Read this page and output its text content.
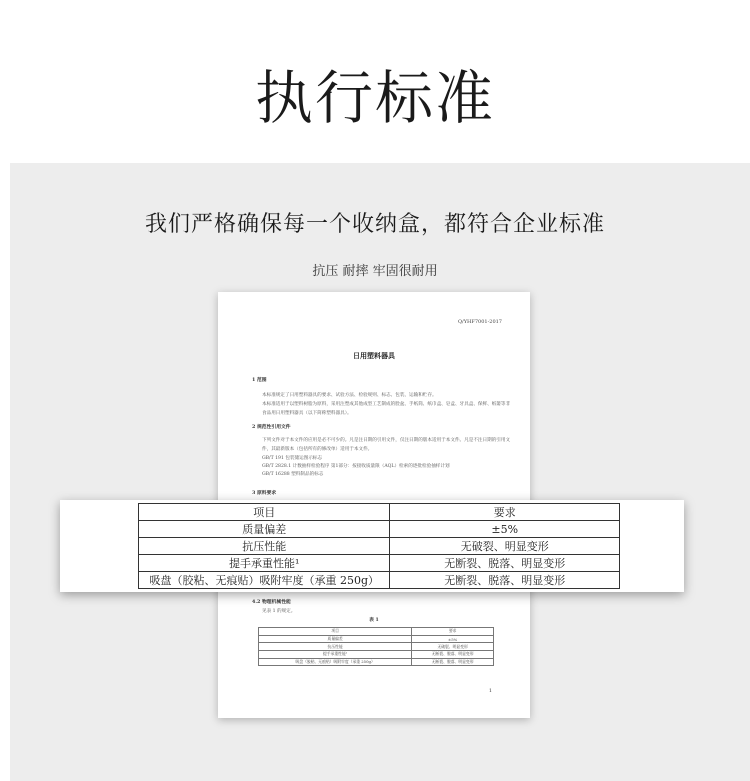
执行标准
我们严格确保每一个收纳盒，都符合企业标准
抗压 耐摔 牢固很耐用
Q/YHF7001-2017
日用塑料器具
1 范围
本标准规定了日用塑料器具的要求、试验方法、检验规则、标志、包装、运输和贮存。
本标准适用于以塑料树脂为原料，采用注塑成其他成型工艺制成的脸盆、手纸筒、纸巾盒、皂盒、牙具盒、保鲜、纸篓等非食品用日用塑料器具（以下简称塑料器具）。
2 规范性引用文件
下列文件对于本文件的应用是必不可少的。凡是注日期的引用文件，仅注日期的版本适用于本文件。凡是不注日期的引用文件，其最新版本（包括所有的修改单）适用于本文件。
GB/T 191 包装储运图示标志
GB/T 2828.1 计数抽样检验程序 第1部分：按接收质量限（AQL）检索的逐批检验抽样计划
GB/T 16288 塑料制品的标志
3 原料要求
4.2 物理机械性能
见表 1 的规定。
表 1
项目	要求
质量偏差	±5%
抗压性能	无破裂、明显变形
提手承重性能¹	无断裂、脱落、明显变形
吸盘（胶粘、无痕贴）吸附牢度（承重 250g）	无断裂、脱落、明显变形
1
项目	要求
质量偏差	±5%
抗压性能	无破裂、明显变形
提手承重性能¹	无断裂、脱落、明显变形
吸盘（胶粘、无痕贴）吸附牢度（承重 250g）	无断裂、脱落、明显变形
